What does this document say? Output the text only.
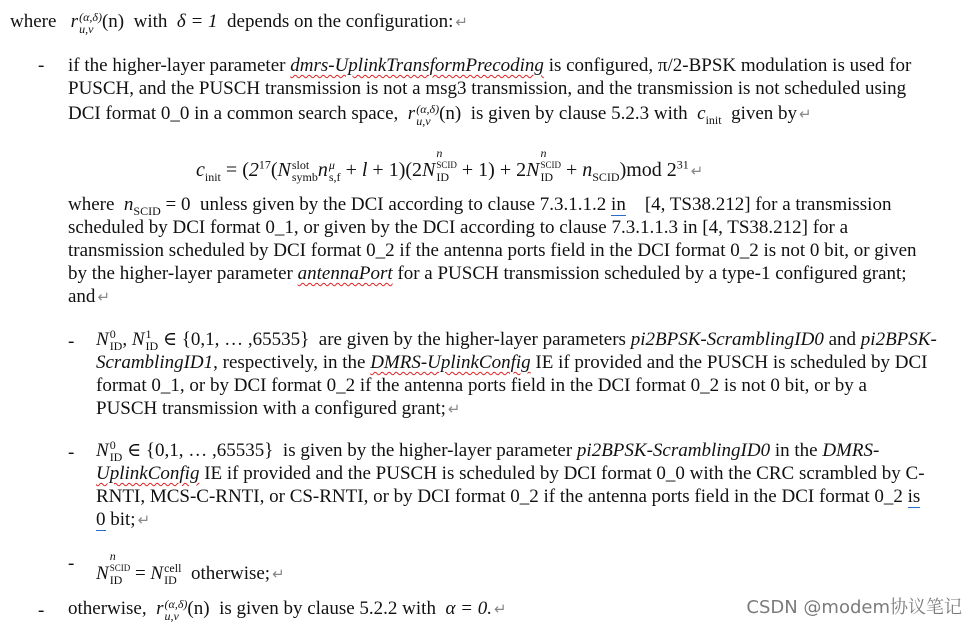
where r (α,δ)
u,v (n) with δ = 1 depends on the configuration: ↵
- if the higher-layer parameter dmrs-UplinkTransformPrecoding is configured, π/2-BPSK modulation is used for
PUSCH, and the PUSCH transmission is not a msg3 transmission, and the transmission is not scheduled using
DCI format 0_0 in a common search space, r (α,δ)
u,v (n) is given by clause 5.2.3 with $c_{init}$ given by ↵
$c_{init} = (2^{17}(N$ slot
symb n μ
s,f + l + 1)(2N
n
SCID
ID + 1) + 2N
n
SCID
ID + $n_{SCID})mod$ $2^{31}$ ↵
where $n_{SCID} = 0$ unless given by the DCI according to clause 7.3.1.1.2 in [4, TS38.212] for a transmission
scheduled by DCI format 0_1, or given by the DCI according to clause 7.3.1.1.3 in [4, TS38.212] for a
transmission scheduled by DCI format 0_2 if the antenna ports field in the DCI format 0_2 is not 0 bit, or given
by the higher-layer parameter antennaPort for a PUSCH transmission scheduled by a type-1 configured grant;
and ↵
- N 0
ID , N 1
ID ∈ {0,1, … ,65535} are given by the higher-layer parameters pi2BPSK-ScramblingID0 and pi2BPSK-
ScramblingID1, respectively, in the DMRS-UplinkConfig IE if provided and the PUSCH is scheduled by DCI
format 0_1, or by DCI format 0_2 if the antenna ports field in the DCI format 0_2 is not 0 bit, or by a
PUSCH transmission with a configured grant; ↵
- N 0
ID ∈ {0,1, … ,65535} is given by the higher-layer parameter pi2BPSK-ScramblingID0 in the DMRS-
UplinkConfig IE if provided and the PUSCH is scheduled by DCI format 0_0 with the CRC scrambled by C-
RNTI, MCS-C-RNTI, or CS-RNTI, or by DCI format 0_2 if the antenna ports field in the DCI format 0_2 is
0 bit; ↵
- N
n
SCID
ID = N cell
ID otherwise; ↵
- otherwise, r (α,δ)
u,v (n) is given by clause 5.2.2 with α = 0. ↵	CSDN @modem协议笔记
